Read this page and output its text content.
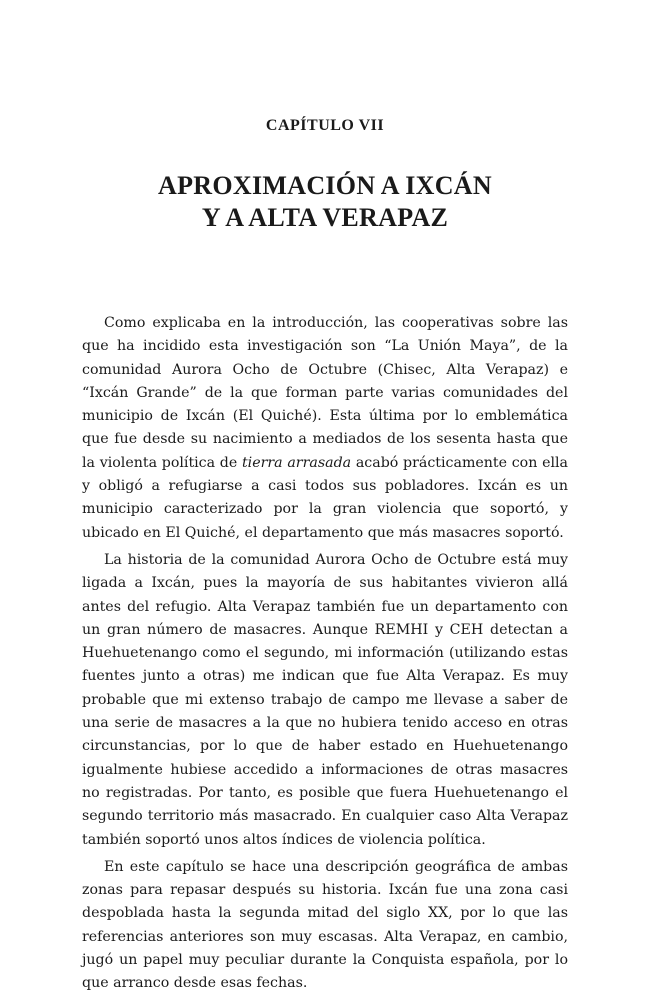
CAPÍTULO VII
APROXIMACIÓN A IXCÁN
Y A ALTA VERAPAZ

Como explicaba en la introducción, las cooperativas sobre las que ha incidido esta investigación son “La Unión Maya”, de la comunidad Aurora Ocho de Octubre (Chisec, Alta Verapaz) e “Ixcán Grande” de la que forman parte varias comunidades del municipio de Ixcán (El Quiché). Esta última por lo emblemática que fue desde su nacimiento a mediados de los sesenta hasta que la violenta política de tierra arrasada acabó prácticamente con ella y obligó a refugiarse a casi todos sus pobladores. Ixcán es un municipio caracterizado por la gran violencia que soportó, y ubicado en El Quiché, el departamento que más masacres soportó.

La historia de la comunidad Aurora Ocho de Octubre está muy ligada a Ixcán, pues la mayoría de sus habitantes vivieron allá antes del refugio. Alta Verapaz también fue un departamento con un gran número de masacres. Aunque REMHI y CEH detectan a Huehuetenango como el segundo, mi información (utilizando estas fuentes junto a otras) me indican que fue Alta Verapaz. Es muy probable que mi extenso trabajo de campo me llevase a saber de una serie de masacres a la que no hubiera tenido acceso en otras circunstancias, por lo que de haber estado en Huehuetenango igualmente hubiese accedido a informaciones de otras masacres no registradas. Por tanto, es posible que fuera Huehuetenango el segundo territorio más masacrado. En cualquier caso Alta Verapaz también soportó unos altos índices de violencia política.

En este capítulo se hace una descripción geográfica de ambas zonas para repasar después su historia. Ixcán fue una zona casi despoblada hasta la segunda mitad del siglo XX, por lo que las referencias anteriores son muy escasas. Alta Verapaz, en cambio, jugó un papel muy peculiar durante la Conquista española, por lo que arranco desde esas fechas.
